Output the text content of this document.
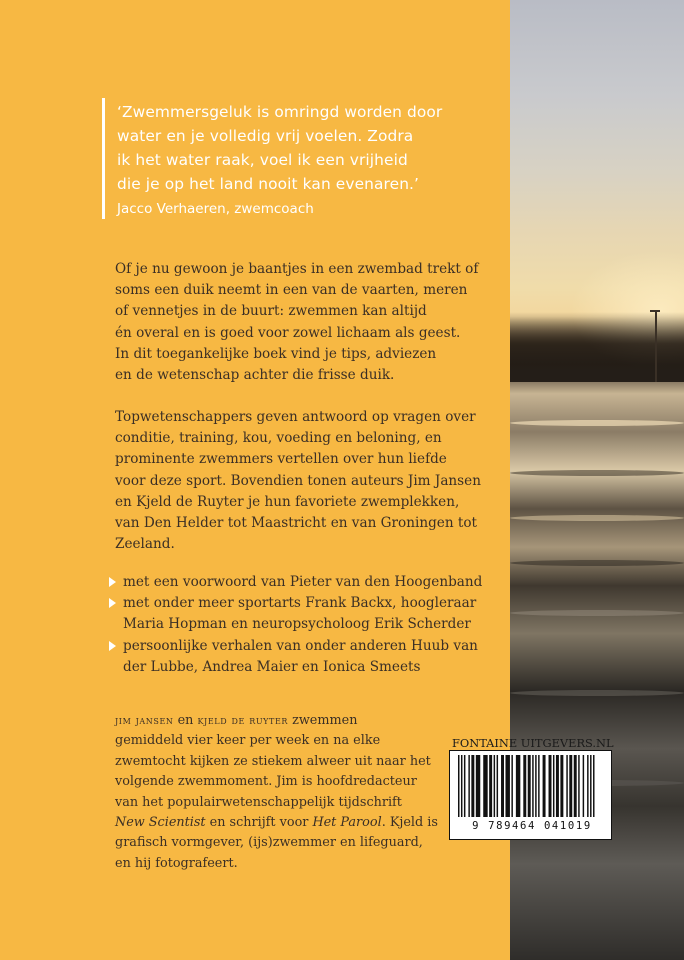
‘Zwemmersgeluk is omringd worden door
water en je volledig vrij voelen. Zodra
ik het water raak, voel ik een vrijheid
die je op het land nooit kan evenaren.’
Jacco Verhaeren, zwemcoach
Of je nu gewoon je baantjes in een zwembad trekt of
soms een duik neemt in een van de vaarten, meren
of vennetjes in de buurt: zwemmen kan altijd
én overal en is goed voor zowel lichaam als geest.
In dit toegankelijke boek vind je tips, adviezen
en de wetenschap achter die frisse duik.
Topwetenschappers geven antwoord op vragen over
conditie, training, kou, voeding en beloning, en
prominente zwemmers vertellen over hun liefde
voor deze sport. Bovendien tonen auteurs Jim Jansen
en Kjeld de Ruyter je hun favoriete zwemplekken,
van Den Helder tot Maastricht en van Groningen tot
Zeeland.
met een voorwoord van Pieter van den Hoogenband
met onder meer sportarts Frank Backx, hoogleraar
Maria Hopman en neuropsycholoog Erik Scherder
persoonlijke verhalen van onder anderen Huub van
der Lubbe, Andrea Maier en Ionica Smeets
jim jansen en kjeld de ruyter zwemmen
gemiddeld vier keer per week en na elke
zwemtocht kijken ze stiekem alweer uit naar het
volgende zwemmoment. Jim is hoofdredacteur
van het populairwetenschappelijk tijdschrift
New Scientist en schrijft voor Het Parool. Kjeld is
grafisch vormgever, (ijs)zwemmer en lifeguard,
en hij fotografeert.
FONTAINE UITGEVERS.NL
9 789464 041019
